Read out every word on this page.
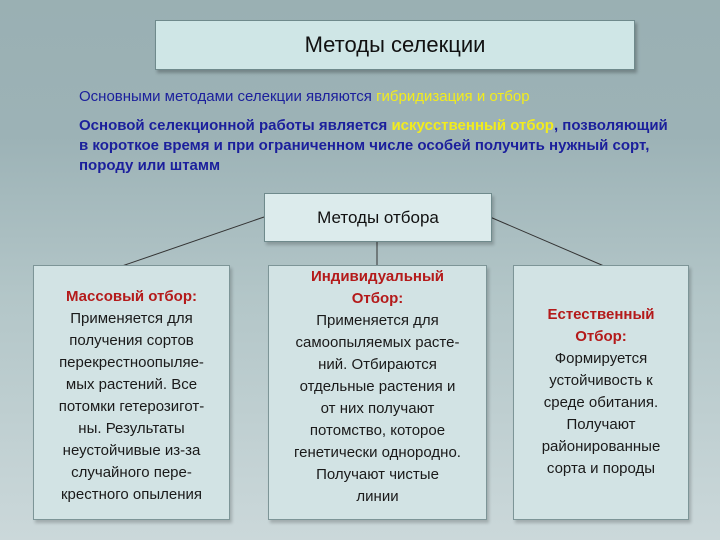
Методы селекции
Основными методами селекции являются гибридизация и отбор
Основой селекционной работы является искусственный отбор, позволяющий в короткое время и при ограниченном числе особей получить нужный сорт, породу или штамм
Методы отбора
Массовый отбор:
Применяется для
получения сортов
перекрестноопыляе-
мых растений. Все
потомки гетерозигот-
ны. Результаты
неустойчивые из-за
случайного пере-
крестного опыления
Индивидуальный
Отбор:
Применяется для
самоопыляемых расте-
ний. Отбираются
отдельные растения и
от них получают
потомство, которое
генетически однородно.
Получают чистые
линии
Естественный
Отбор:
Формируется
устойчивость к
среде обитания.
Получают
районированные
сорта и породы
